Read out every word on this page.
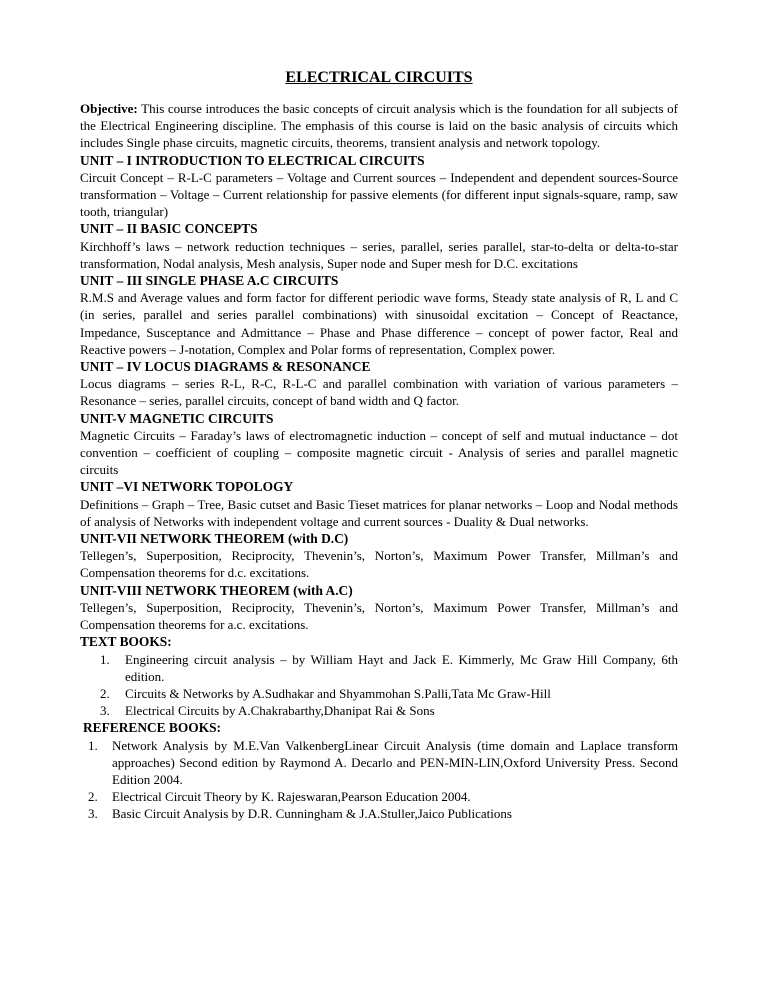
ELECTRICAL CIRCUITS

Objective: This course introduces the basic concepts of circuit analysis which is the foundation for all subjects of the Electrical Engineering discipline. The emphasis of this course is laid on the basic analysis of circuits which includes Single phase circuits, magnetic circuits, theorems, transient analysis and network topology.

UNIT – I INTRODUCTION TO ELECTRICAL CIRCUITS

Circuit Concept – R-L-C parameters – Voltage and Current sources – Independent and dependent sources-Source transformation – Voltage – Current relationship for passive elements (for different input signals-square, ramp, saw tooth, triangular)

UNIT – II BASIC CONCEPTS

Kirchhoff’s laws – network reduction techniques – series, parallel, series parallel, star-to-delta or delta-to-star transformation, Nodal analysis, Mesh analysis, Super node and Super mesh for D.C. excitations

UNIT – III SINGLE PHASE A.C CIRCUITS

R.M.S and Average values and form factor for different periodic wave forms, Steady state analysis of R, L and C (in series, parallel and series parallel combinations) with sinusoidal excitation – Concept of Reactance, Impedance, Susceptance and Admittance – Phase and Phase difference – concept of power factor, Real and Reactive powers – J-notation, Complex and Polar forms of representation, Complex power.

UNIT – IV LOCUS DIAGRAMS & RESONANCE

Locus diagrams – series R-L, R-C, R-L-C and parallel combination with variation of various parameters – Resonance – series, parallel circuits, concept of band width and Q factor.

UNIT-V MAGNETIC CIRCUITS

Magnetic Circuits – Faraday’s laws of electromagnetic induction – concept of self and mutual inductance – dot convention – coefficient of coupling – composite magnetic circuit - Analysis of series and parallel magnetic circuits

UNIT –VI NETWORK TOPOLOGY

Definitions – Graph – Tree, Basic cutset and Basic Tieset matrices for planar networks – Loop and Nodal methods of analysis of Networks with independent voltage and current sources - Duality & Dual networks.

UNIT-VII NETWORK THEOREM (with D.C)

Tellegen’s, Superposition, Reciprocity, Thevenin’s, Norton’s, Maximum Power Transfer, Millman’s and Compensation theorems for d.c. excitations.

UNIT-VIII NETWORK THEOREM (with A.C)

Tellegen’s, Superposition, Reciprocity, Thevenin’s, Norton’s, Maximum Power Transfer, Millman’s and Compensation theorems for a.c. excitations.

TEXT BOOKS:
1. Engineering circuit analysis – by William Hayt and Jack E. Kimmerly, Mc Graw Hill Company, 6th edition.
2. Circuits & Networks by A.Sudhakar and Shyammohan S.Palli,Tata Mc Graw-Hill
3. Electrical Circuits by A.Chakrabarthy,Dhanipat Rai & Sons
REFERENCE BOOKS:
1. Network Analysis by M.E.Van ValkenbergLinear Circuit Analysis (time domain and Laplace transform approaches) Second edition by Raymond A. Decarlo and PEN-MIN-LIN,Oxford University Press. Second Edition 2004.
2. Electrical Circuit Theory by K. Rajeswaran,Pearson Education 2004.
3. Basic Circuit Analysis by D.R. Cunningham & J.A.Stuller,Jaico Publications
